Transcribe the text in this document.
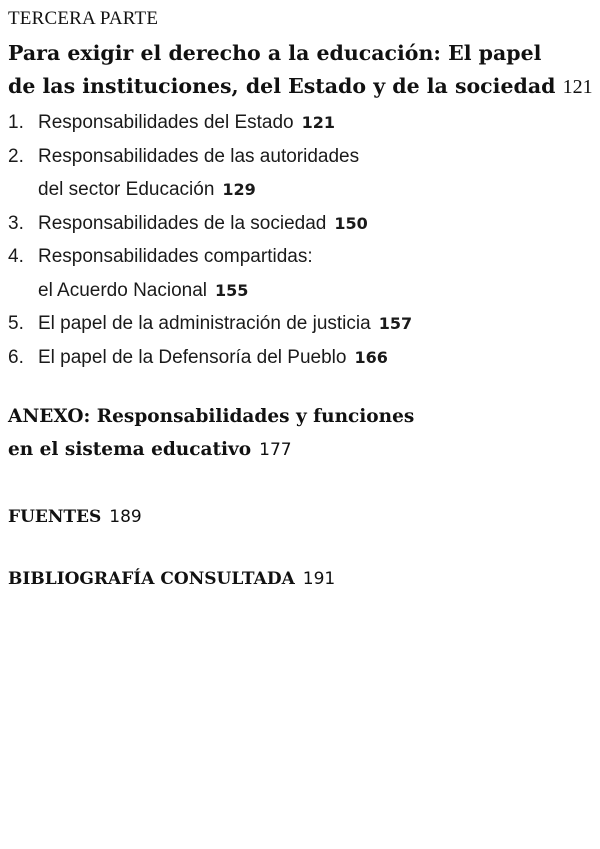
TERCERA PARTE
Para exigir el derecho a la educación: El papel
de las instituciones, del Estado y de la sociedad 121
1. Responsabilidades del Estado 121
2. Responsabilidades de las autoridades
del sector Educación 129
3. Responsabilidades de la sociedad 150
4. Responsabilidades compartidas:
el Acuerdo Nacional 155
5. El papel de la administración de justicia 157
6. El papel de la Defensoría del Pueblo 166
ANEXO: Responsabilidades y funciones
en el sistema educativo 177
FUENTES 189
BIBLIOGRAFÍA CONSULTADA 191
